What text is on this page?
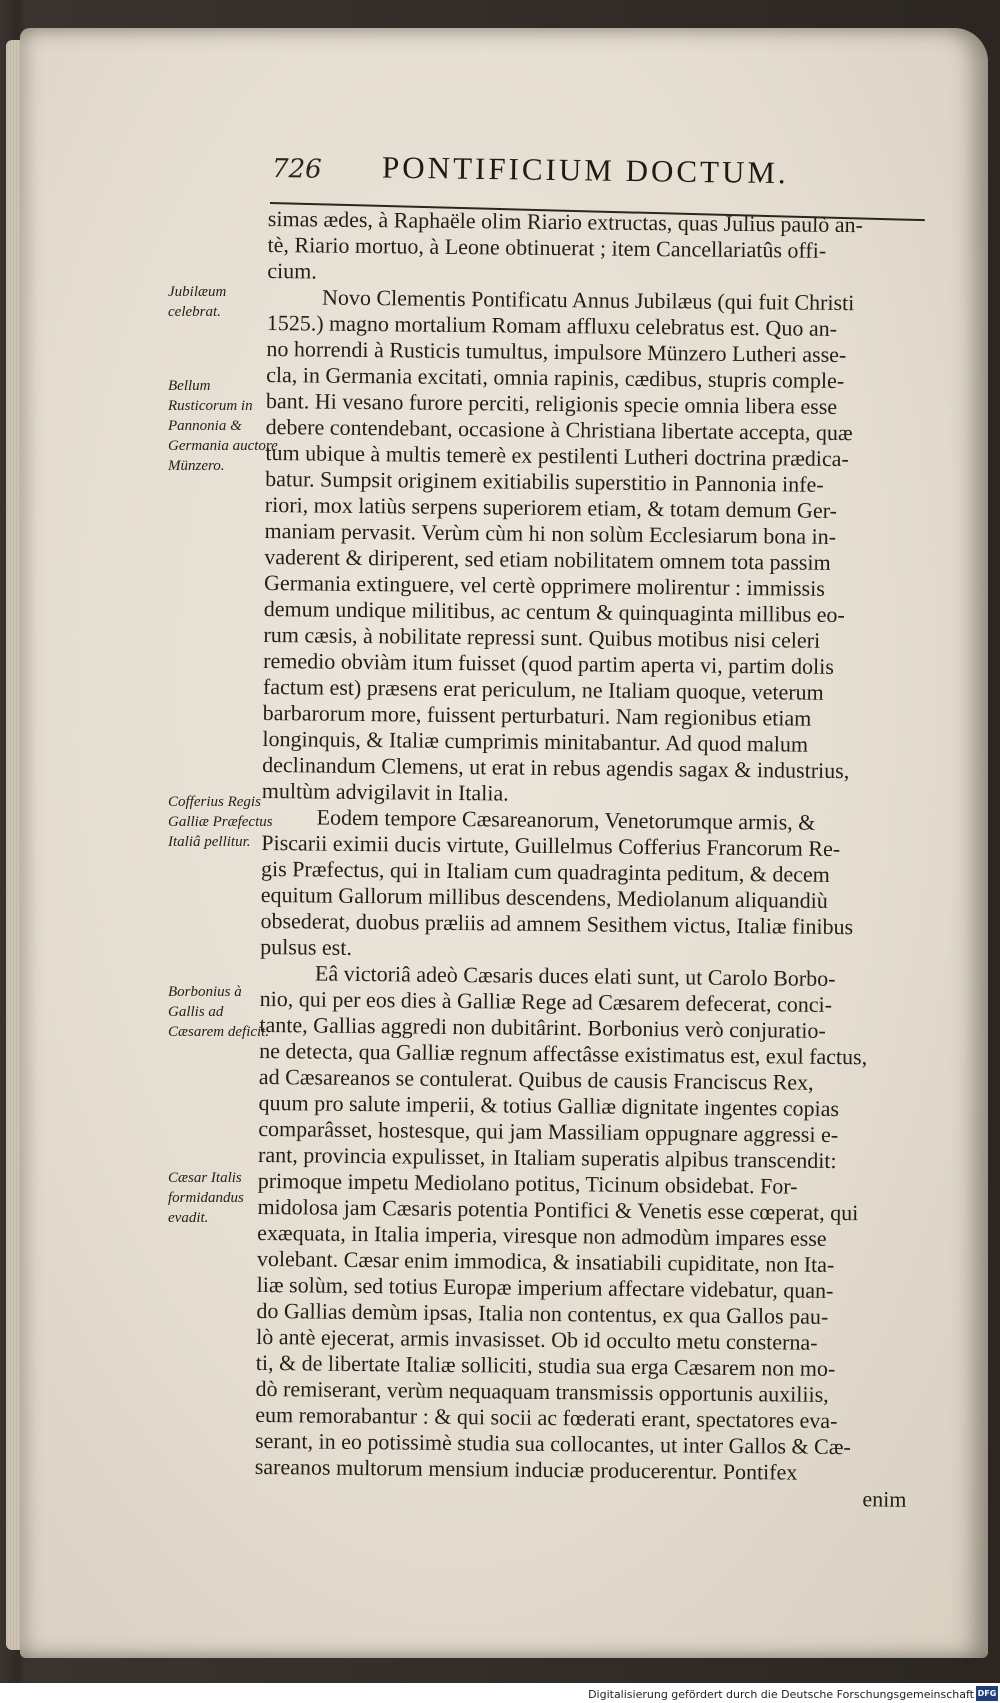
726 PONTIFICIUM DOCTUM.
simas ædes, à Raphaële olim Riario extructas, quas Julius paulò an-
tè, Riario mortuo, à Leone obtinuerat ; item Cancellariatûs offi-
cium.
Novo Clementis Pontificatu Annus Jubilæus (qui fuit Christi
1525.) magno mortalium Romam affluxu celebratus est. Quo an-
no horrendi à Rusticis tumultus, impulsore Münzero Lutheri asse-
cla, in Germania excitati, omnia rapinis, cædibus, stupris comple-
bant. Hi vesano furore perciti, religionis specie omnia libera esse
debere contendebant, occasione à Christiana libertate accepta, quæ
tum ubique à multis temerè ex pestilenti Lutheri doctrina prædica-
batur. Sumpsit originem exitiabilis superstitio in Pannonia infe-
riori, mox latiùs serpens superiorem etiam, & totam demum Ger-
maniam pervasit. Verùm cùm hi non solùm Ecclesiarum bona in-
vaderent & diriperent, sed etiam nobilitatem omnem tota passim
Germania extinguere, vel certè opprimere molirentur : immissis
demum undique militibus, ac centum & quinquaginta millibus eo-
rum cæsis, à nobilitate repressi sunt. Quibus motibus nisi celeri
remedio obviàm itum fuisset (quod partim aperta vi, partim dolis
factum est) præsens erat periculum, ne Italiam quoque, veterum
barbarorum more, fuissent perturbaturi. Nam regionibus etiam
longinquis, & Italiæ cumprimis minitabantur. Ad quod malum
declinandum Clemens, ut erat in rebus agendis sagax & industrius,
multùm advigilavit in Italia.
Eodem tempore Cæsareanorum, Venetorumque armis, &
Piscarii eximii ducis virtute, Guillelmus Cofferius Francorum Re-
gis Præfectus, qui in Italiam cum quadraginta peditum, & decem
equitum Gallorum millibus descendens, Mediolanum aliquandiù
obsederat, duobus præliis ad amnem Sesithem victus, Italiæ finibus
pulsus est.
Eâ victoriâ adeò Cæsaris duces elati sunt, ut Carolo Borbo-
nio, qui per eos dies à Galliæ Rege ad Cæsarem defecerat, conci-
tante, Gallias aggredi non dubitârint. Borbonius verò conjuratio-
ne detecta, qua Galliæ regnum affectâsse existimatus est, exul factus,
ad Cæsareanos se contulerat. Quibus de causis Franciscus Rex,
quum pro salute imperii, & totius Galliæ dignitate ingentes copias
comparâsset, hostesque, qui jam Massiliam oppugnare aggressi e-
rant, provincia expulisset, in Italiam superatis alpibus transcendit:
primoque impetu Mediolano potitus, Ticinum obsidebat. For-
midolosa jam Cæsaris potentia Pontifici & Venetis esse cœperat, qui
exæquata, in Italia imperia, viresque non admodùm impares esse
volebant. Cæsar enim immodica, & insatiabili cupiditate, non Ita-
liæ solùm, sed totius Europæ imperium affectare videbatur, quan-
do Gallias demùm ipsas, Italia non contentus, ex qua Gallos pau-
lò antè ejecerat, armis invasisset. Ob id occulto metu consterna-
ti, & de libertate Italiæ solliciti, studia sua erga Cæsarem non mo-
dò remiserant, verùm nequaquam transmissis opportunis auxiliis,
eum remorabantur : & qui socii ac fœderati erant, spectatores eva-
serant, in eo potissimè studia sua collocantes, ut inter Gallos & Cæ-
sareanos multorum mensium induciæ producerentur. Pontifex
enim
Jubilæum celebrat.
Bellum Rusticorum in Pannonia & Germania auctore Münzero.
Cofferius Regis Galliæ Præfectus Italiâ pellitur.
Borbonius à Gallis ad Cæsarem deficit.
Cæsar Italis formidandus evadit.
Digitalisierung gefördert durch die Deutsche Forschungsgemeinschaft DFG
